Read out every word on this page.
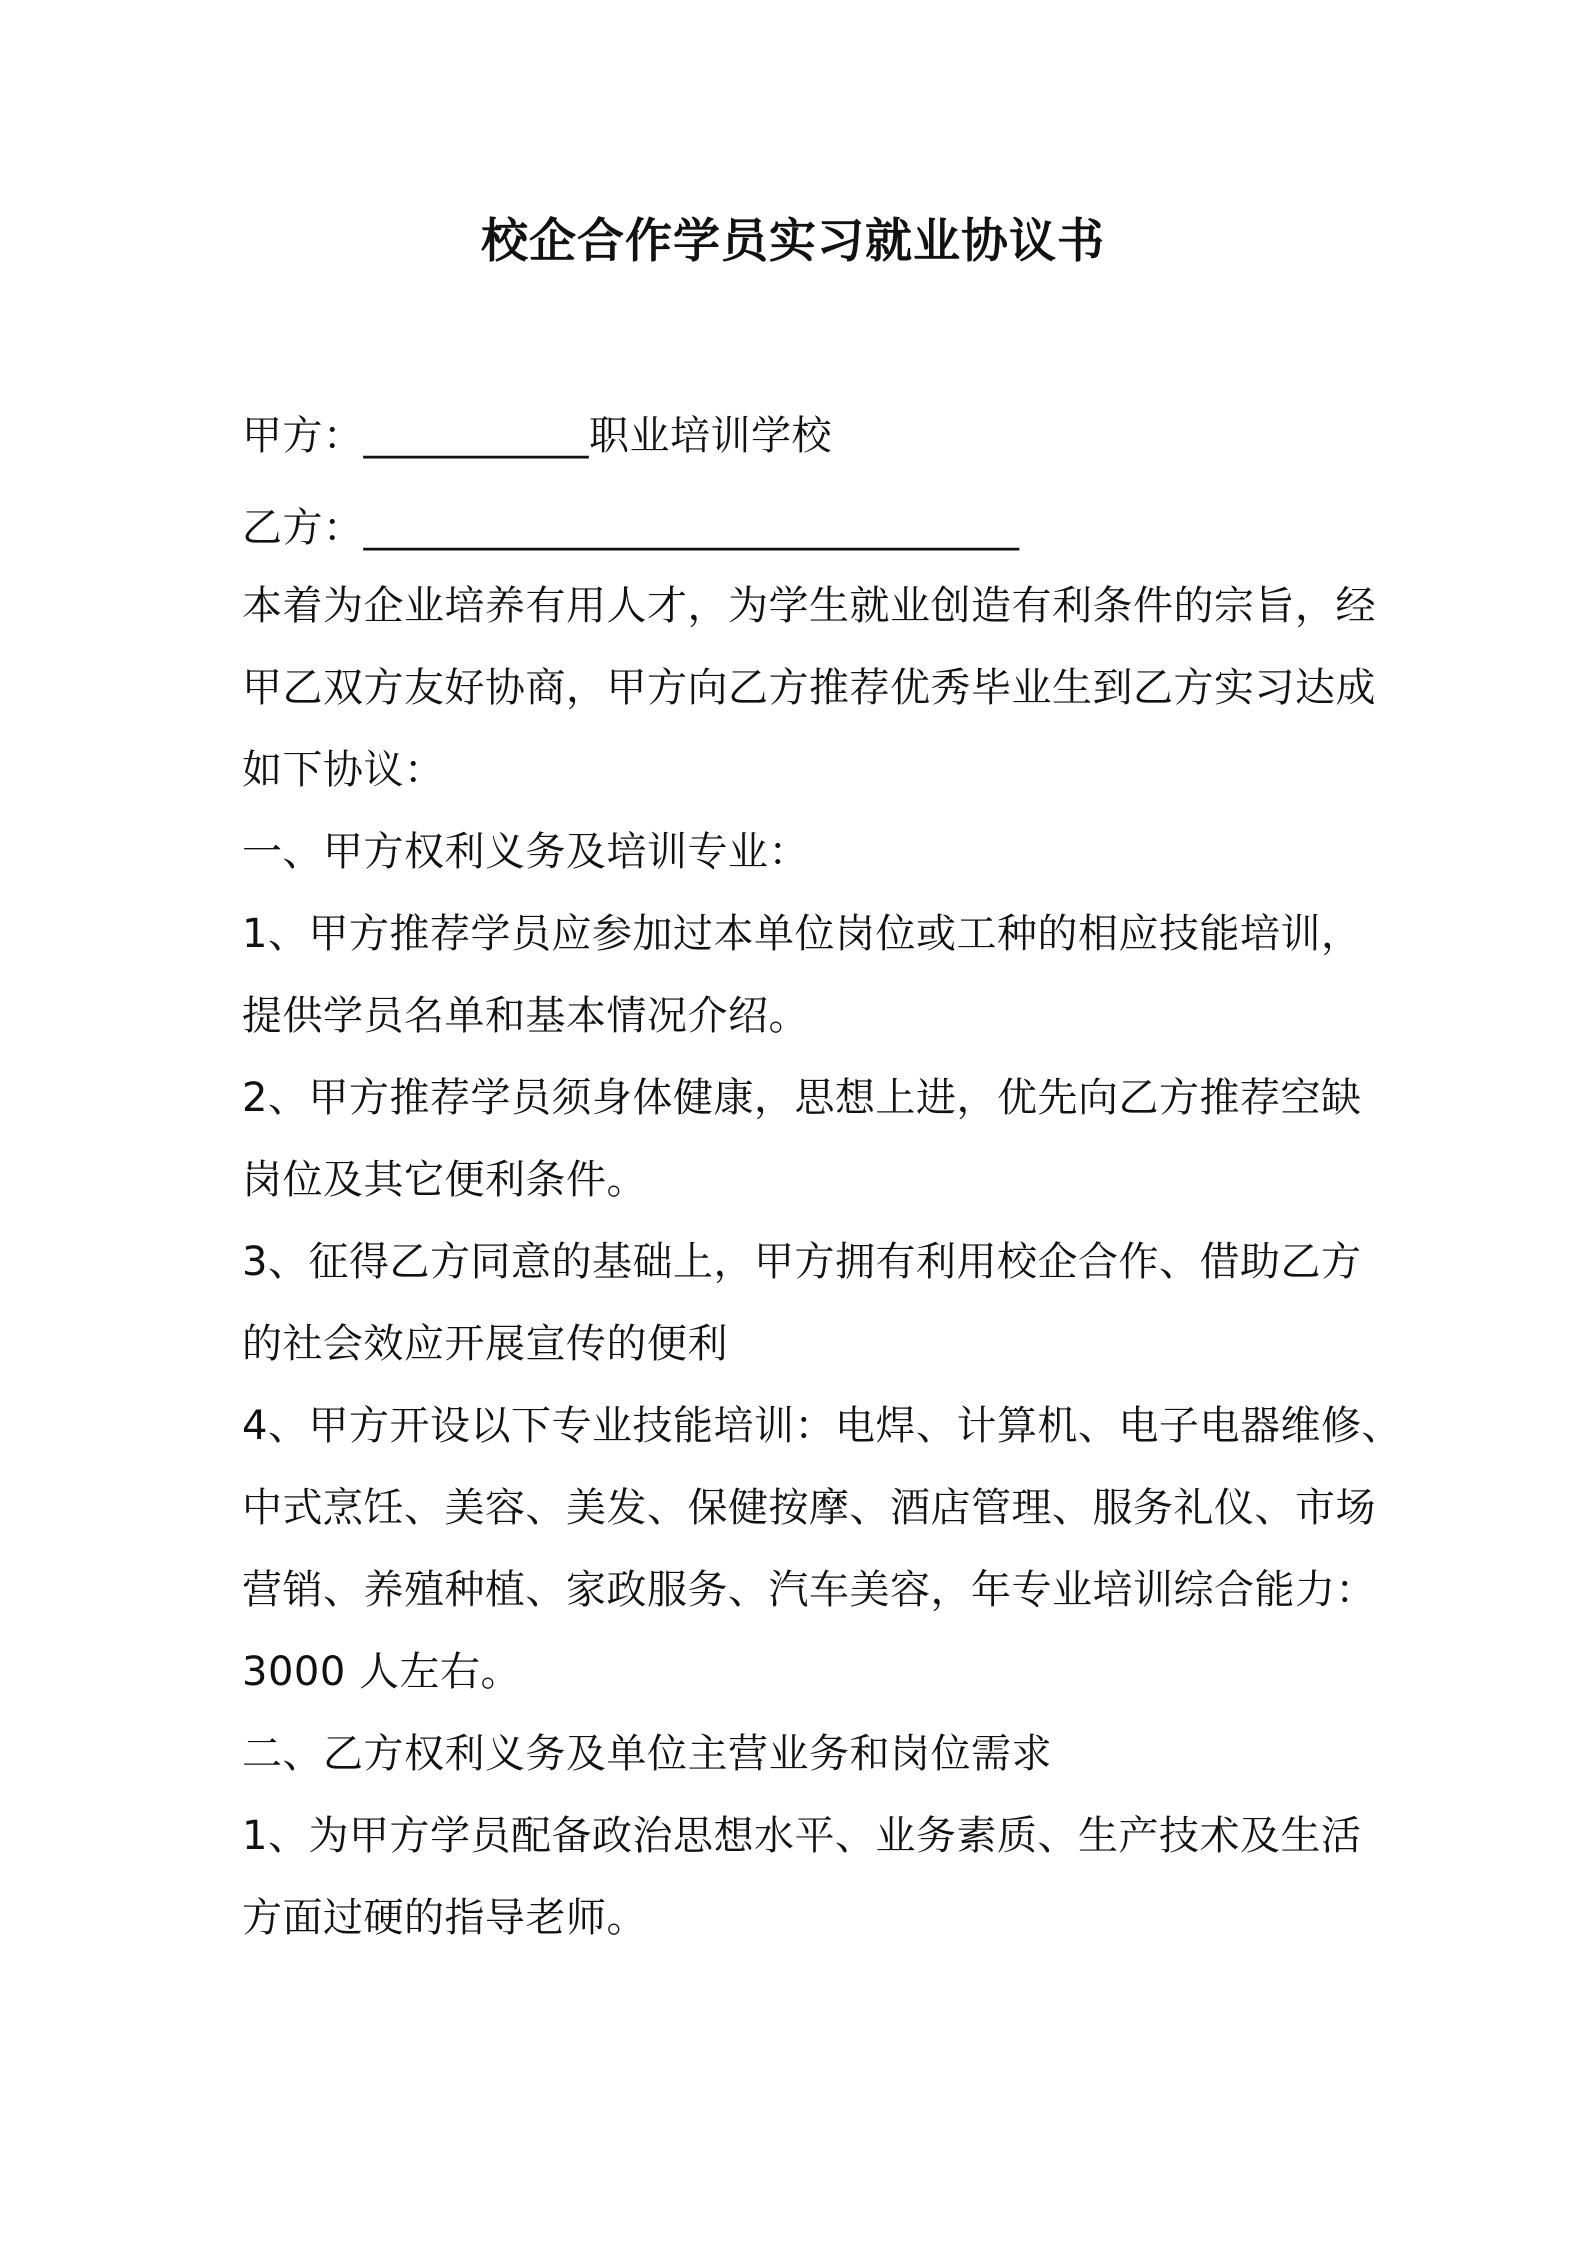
校企合作学员实习就业协议书
甲方：___________职业培训学校
乙方：________________________________
本着为企业培养有用人才，为学生就业创造有利条件的宗旨，经
甲乙双方友好协商，甲方向乙方推荐优秀毕业生到乙方实习达成
如下协议：
一、甲方权利义务及培训专业：
1、甲方推荐学员应参加过本单位岗位或工种的相应技能培训，
提供学员名单和基本情况介绍。
2、甲方推荐学员须身体健康，思想上进，优先向乙方推荐空缺
岗位及其它便利条件。
3、征得乙方同意的基础上，甲方拥有利用校企合作、借助乙方
的社会效应开展宣传的便利
4、甲方开设以下专业技能培训：电焊、计算机、电子电器维修、
中式烹饪、美容、美发、保健按摩、酒店管理、服务礼仪、市场
营销、养殖种植、家政服务、汽车美容，年专业培训综合能力：
3000 人左右。
二、乙方权利义务及单位主营业务和岗位需求
1、为甲方学员配备政治思想水平、业务素质、生产技术及生活
方面过硬的指导老师。
